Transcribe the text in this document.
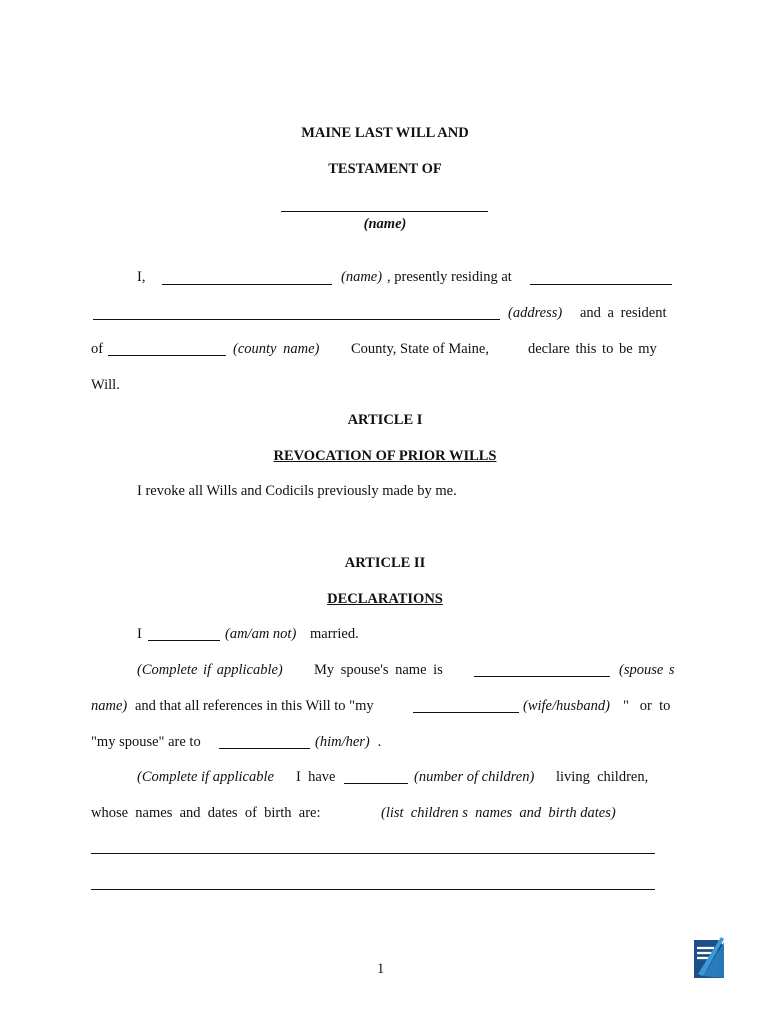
MAINE LAST WILL AND
TESTAMENT OF
(name)
I,	(name) , presently residing at
(address) and a resident
of	(county name) County, State of Maine,	declare this to be my
Will.
ARTICLE I
REVOCATION OF PRIOR WILLS
I revoke all Wills and Codicils previously made by me.
ARTICLE II
DECLARATIONS
I	(am/am not) married.
(Complete if applicable) My spouse's name is	(spouse s
name) and that all references in this Will to "my	(wife/husband) "   or  to
"my spouse" are to	(him/her) .
(Complete if applicable I  have	(number of children) living  children,
whose  names  and  dates  of  birth  are:	(list  children s  names  and  birth dates)
1
